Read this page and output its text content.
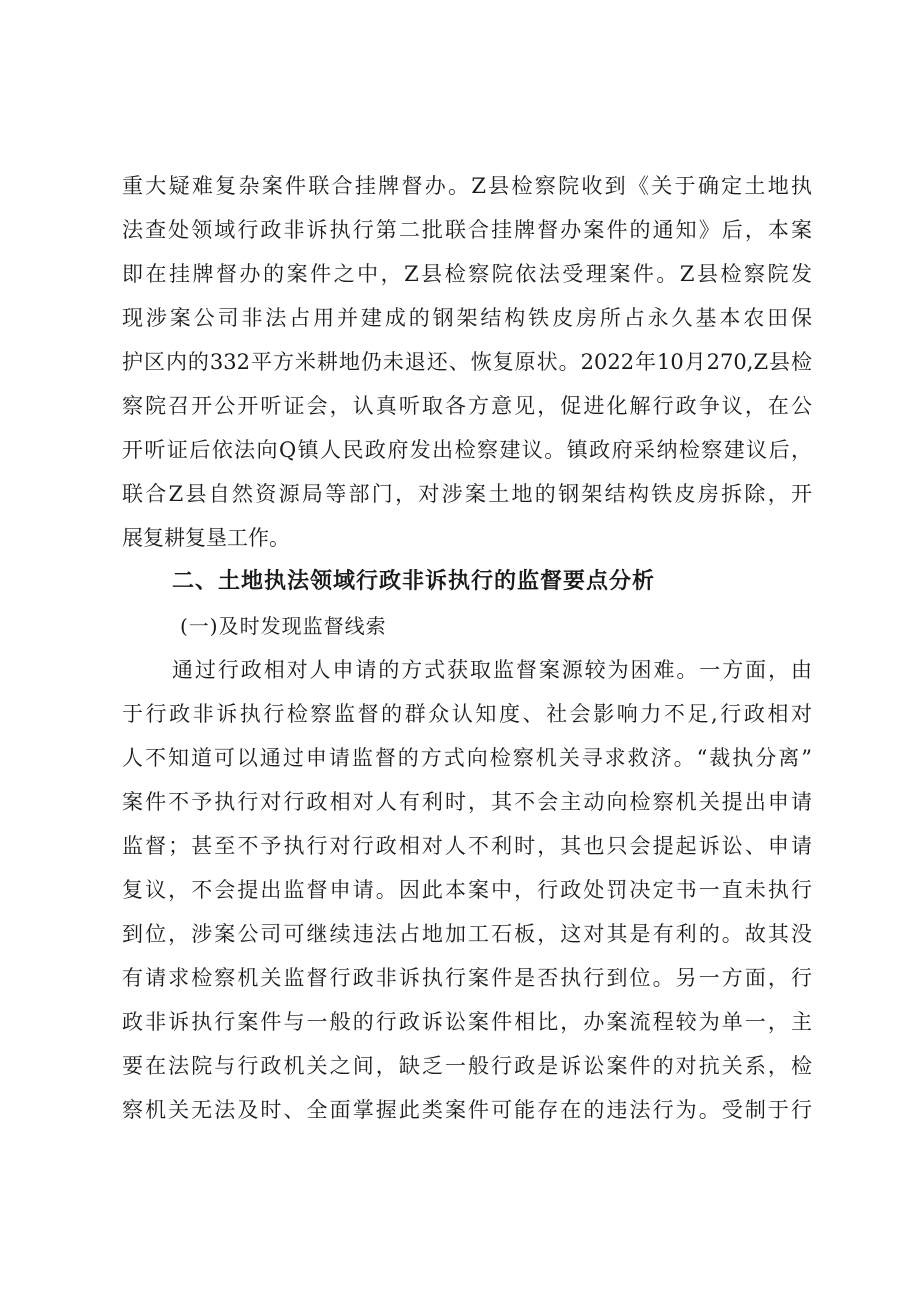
重大疑难复杂案件联合挂牌督办。Z县检察院收到《关于确定土地执
法查处领域行政非诉执行第二批联合挂牌督办案件的通知》后，本案
即在挂牌督办的案件之中，Z县检察院依法受理案件。Z县检察院发
现涉案公司非法占用并建成的钢架结构铁皮房所占永久基本农田保
护区内的332平方米耕地仍未退还、恢复原状。2022年10月270,Z县检
察院召开公开听证会，认真听取各方意见，促进化解行政争议，在公
开听证后依法向Q镇人民政府发出检察建议。镇政府采纳检察建议后，
联合Z县自然资源局等部门，对涉案土地的钢架结构铁皮房拆除，开
展复耕复垦工作。
二、土地执法领域行政非诉执行的监督要点分析
(一)及时发现监督线索
通过行政相对人申请的方式获取监督案源较为困难。一方面，由
于行政非诉执行检察监督的群众认知度、社会影响力不足,行政相对
人不知道可以通过申请监督的方式向检察机关寻求救济。“裁执分离”
案件不予执行对行政相对人有利时，其不会主动向检察机关提出申请
监督；甚至不予执行对行政相对人不利时，其也只会提起诉讼、申请
复议，不会提出监督申请。因此本案中，行政处罚决定书一直未执行
到位，涉案公司可继续违法占地加工石板，这对其是有利的。故其没
有请求检察机关监督行政非诉执行案件是否执行到位。另一方面，行
政非诉执行案件与一般的行政诉讼案件相比，办案流程较为单一，主
要在法院与行政机关之间，缺乏一般行政是诉讼案件的对抗关系，检
察机关无法及时、全面掌握此类案件可能存在的违法行为。受制于行
